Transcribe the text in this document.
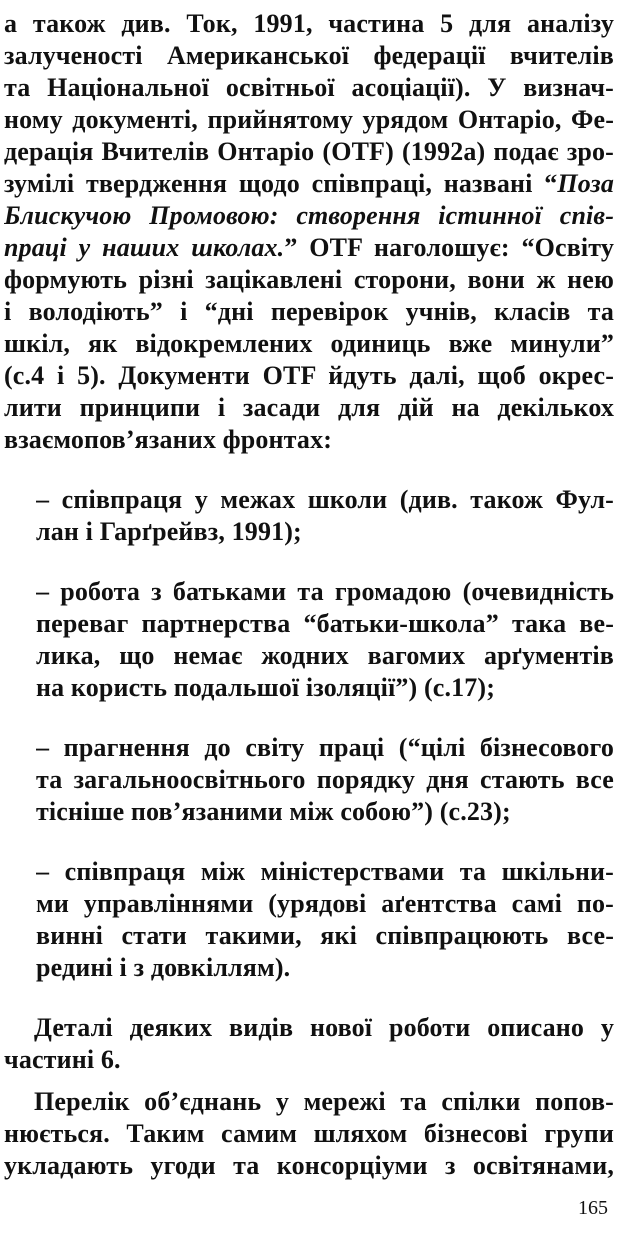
а також див. Ток, 1991, частина 5 для аналізу
залученості Американської федерації вчителів
та Національної освітньої асоціації). У визнач-
ному документі, прийнятому урядом Онтаріо, Фе-
дерація Вчителів Онтаріо (OTF) (1992а) подає зро-
зумілі твердження щодо співпраці, названі “Поза
Блискучою Промовою: створення істинної спів-
праці у наших школах.” OTF наголошує: “Освіту
формують різні зацікавлені сторони, вони ж нею
і володіють” і “дні перевірок учнів, класів та
шкіл, як відокремлених одиниць вже минули”
(с.4 і 5). Документи OTF йдуть далі, щоб окрес-
лити принципи і засади для дій на декількох
взаємопов’язаних фронтах:
– співпраця у межах школи (див. також Фул-
лан і Гарґрейвз, 1991);
– робота з батьками та громадою (очевидність
переваг партнерства “батьки-школа” така ве-
лика, що немає жодних вагомих арґументів
на користь подальшої ізоляції”) (с.17);
– прагнення до світу праці (“цілі бізнесового
та загальноосвітнього порядку дня стають все
тісніше пов’язаними між собою”) (с.23);
– співпраця між міністерствами та шкільни-
ми управліннями (урядові аґентства самі по-
винні стати такими, які співпрацюють все-
редині і з довкіллям).
Деталі деяких видів нової роботи описано у
частині 6.
Перелік об’єднань у мережі та спілки попов-
нюється. Таким самим шляхом бізнесові групи
укладають угоди та консорціуми з освітянами,
165
